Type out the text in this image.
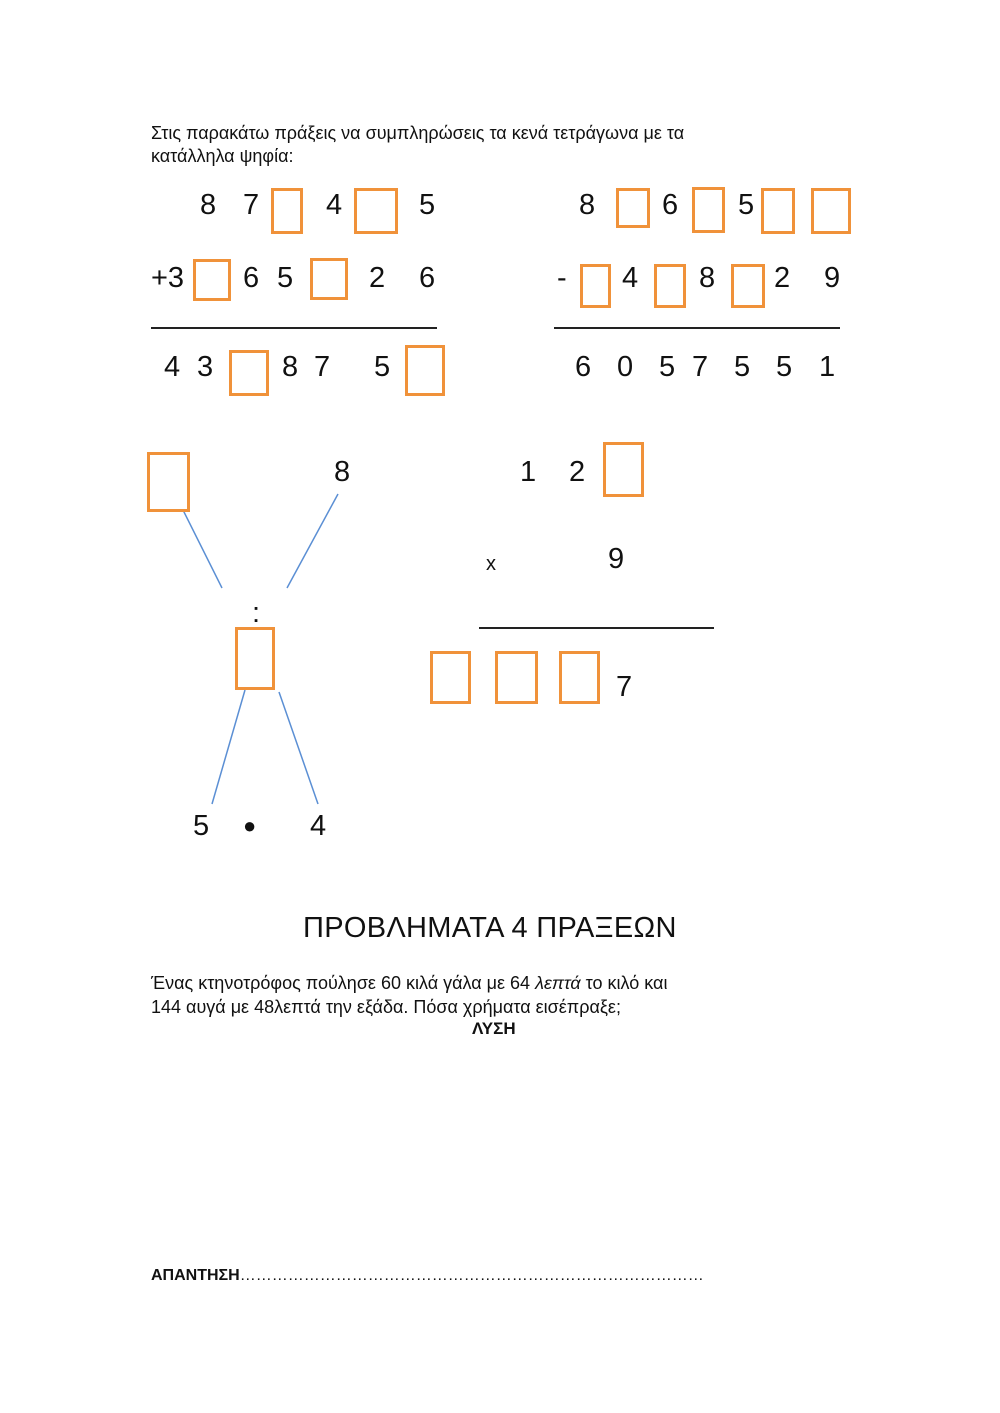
Στις παρακάτω πράξεις να συμπληρώσεις τα κενά τετράγωνα με τα
κατάλληλα ψηφία:
8 7 4	5
+3 6 5	2 6
4 3 8 7 5
8 6 5
- 4 8 2 9
6 0 5 7 5 5 1
8
:
5 ● 4
1 2
x	9
7
ΠΡΟΒΛΗΜΑΤΑ 4 ΠΡΑΞΕΩΝ
Ένας κτηνοτρόφος πούλησε 60 κιλά γάλα με 64 λεπτά το κιλό και
144 αυγά με 48λεπτά την εξάδα. Πόσα χρήματα εισέπραξε;
ΛΥΣΗ
ΑΠΑΝΤΗΣΗ……………………………………………………………………………
